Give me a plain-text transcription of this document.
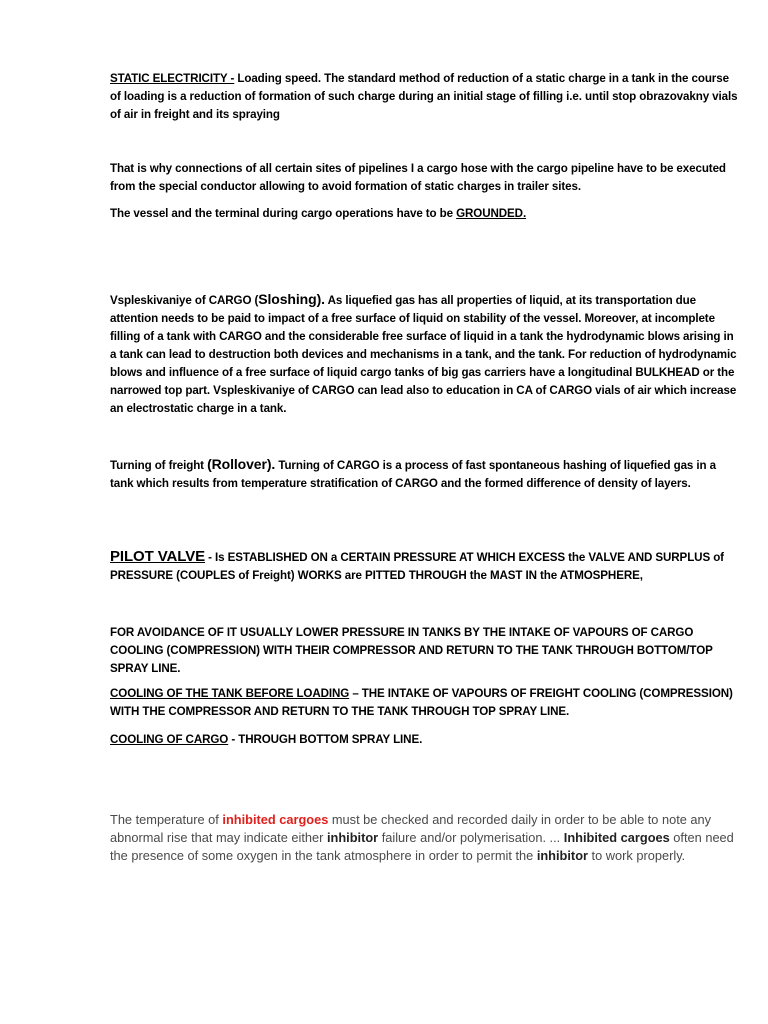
STATIC ELECTRICITY - Loading speed. The standard method of reduction of a static charge in a tank in the course of loading is a reduction of formation of such charge during an initial stage of filling i.e. until stop obrazovakny vials of air in freight and its spraying

That is why connections of all certain sites of pipelines I a cargo hose with the cargo pipeline have to be executed from the special conductor allowing to avoid formation of static charges in trailer sites.

The vessel and the terminal during cargo operations have to be GROUNDED.

Vspleskivaniye of CARGO (Sloshing). As liquefied gas has all properties of liquid, at its transportation due attention needs to be paid to impact of a free surface of liquid on stability of the vessel. Moreover, at incomplete filling of a tank with CARGO and the considerable free surface of liquid in a tank the hydrodynamic blows arising in a tank can lead to destruction both devices and mechanisms in a tank, and the tank. For reduction of hydrodynamic blows and influence of a free surface of liquid cargo tanks of big gas carriers have a longitudinal BULKHEAD or the narrowed top part. Vspleskivaniye of CARGO can lead also to education in CA of CARGO vials of air which increase an electrostatic charge in a tank.

Turning of freight (Rollover). Turning of CARGO is a process of fast spontaneous hashing of liquefied gas in a tank which results from temperature stratification of CARGO and the formed difference of density of layers.

PILOT VALVE - Is ESTABLISHED ON a CERTAIN PRESSURE AT WHICH EXCESS the VALVE AND SURPLUS of PRESSURE (COUPLES of Freight) WORKS are PITTED THROUGH the MAST IN the ATMOSPHERE,

FOR AVOIDANCE OF IT USUALLY LOWER PRESSURE IN TANKS BY THE INTAKE OF VAPOURS OF CARGO COOLING (COMPRESSION) WITH THEIR COMPRESSOR AND RETURN TO THE TANK THROUGH BOTTOM/TOP SPRAY LINE.

COOLING OF THE TANK BEFORE LOADING – THE INTAKE OF VAPOURS OF FREIGHT COOLING (COMPRESSION) WITH THE COMPRESSOR AND RETURN TO THE TANK THROUGH TOP SPRAY LINE.

COOLING OF CARGO - THROUGH BOTTOM SPRAY LINE.

The temperature of inhibited cargoes must be checked and recorded daily in order to be able to note any abnormal rise that may indicate either inhibitor failure and/or polymerisation. ... Inhibited cargoes often need the presence of some oxygen in the tank atmosphere in order to permit the inhibitor to work properly.
